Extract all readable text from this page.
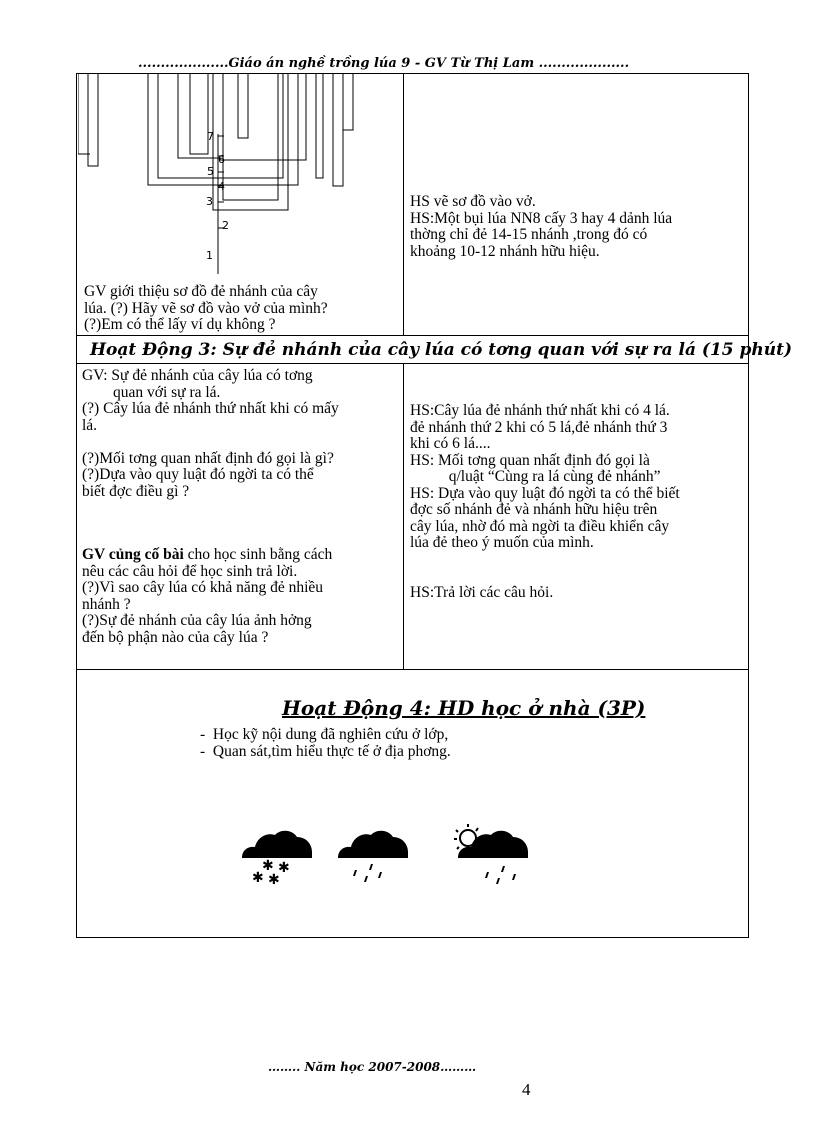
....................Giáo án nghề trồng lúa 9 - GV Từ Thị Lam ....................
7
6
5
4
3
2
1

GV giới thiệu sơ đồ đẻ nhánh của cây

lúa. (?) Hãy vẽ sơ đồ vào vở của mình?

(?)Em có thể lấy ví dụ không ?

HS vẽ sơ đồ vào vở.

HS:Một bụi lúa NN8 cấy 3 hay 4 dảnh lúa

thờng chỉ đẻ 14-15 nhánh ,trong đó có

khoảng 10-12 nhánh hữu hiệu.

Hoạt Động 3: Sự đẻ nhánh của cây lúa có tơng quan với sự ra lá (15 phút)

GV: Sự đẻ nhánh của cây lúa có tơng

quan với sự ra lá.

(?) Cây lúa đẻ nhánh thứ nhất khi có mấy

lá.

(?)Mối tơng quan nhất định đó gọi là gì?

(?)Dựa vào quy luật đó ngời ta có thể

biết đợc điều gì ?

GV củng cố bài cho học sinh bằng cách

nêu các câu hỏi để học sinh trả lời.

(?)Vì sao cây lúa có khả năng đẻ nhiều

nhánh ?

(?)Sự đẻ nhánh của cây lúa ảnh hởng

đến bộ phận nào của cây lúa ?

HS:Cây lúa đẻ nhánh thứ nhất khi có 4 lá.

đẻ nhánh thứ 2 khi có 5 lá,đẻ nhánh thứ 3

khi có 6 lá....

HS: Mối tơng quan nhất định đó gọi là

q/luật “Cùng ra lá cùng đẻ nhánh”

HS: Dựa vào quy luật đó ngời ta có thể biết

đợc số nhánh đẻ và nhánh hữu hiệu trên

cây lúa, nhờ đó mà ngời ta điều khiển cây

lúa đẻ theo ý muốn của mình.

HS:Trả lời các câu hỏi.

Hoạt Động 4: HD học ở nhà (3P)
-  Học kỹ nội dung đã nghiên cứu ở lớp,
-  Quan sát,tìm hiểu thực tế ở địa phơng.
✱
✱
✱
✱
…….. Năm học 2007-2008………
4
